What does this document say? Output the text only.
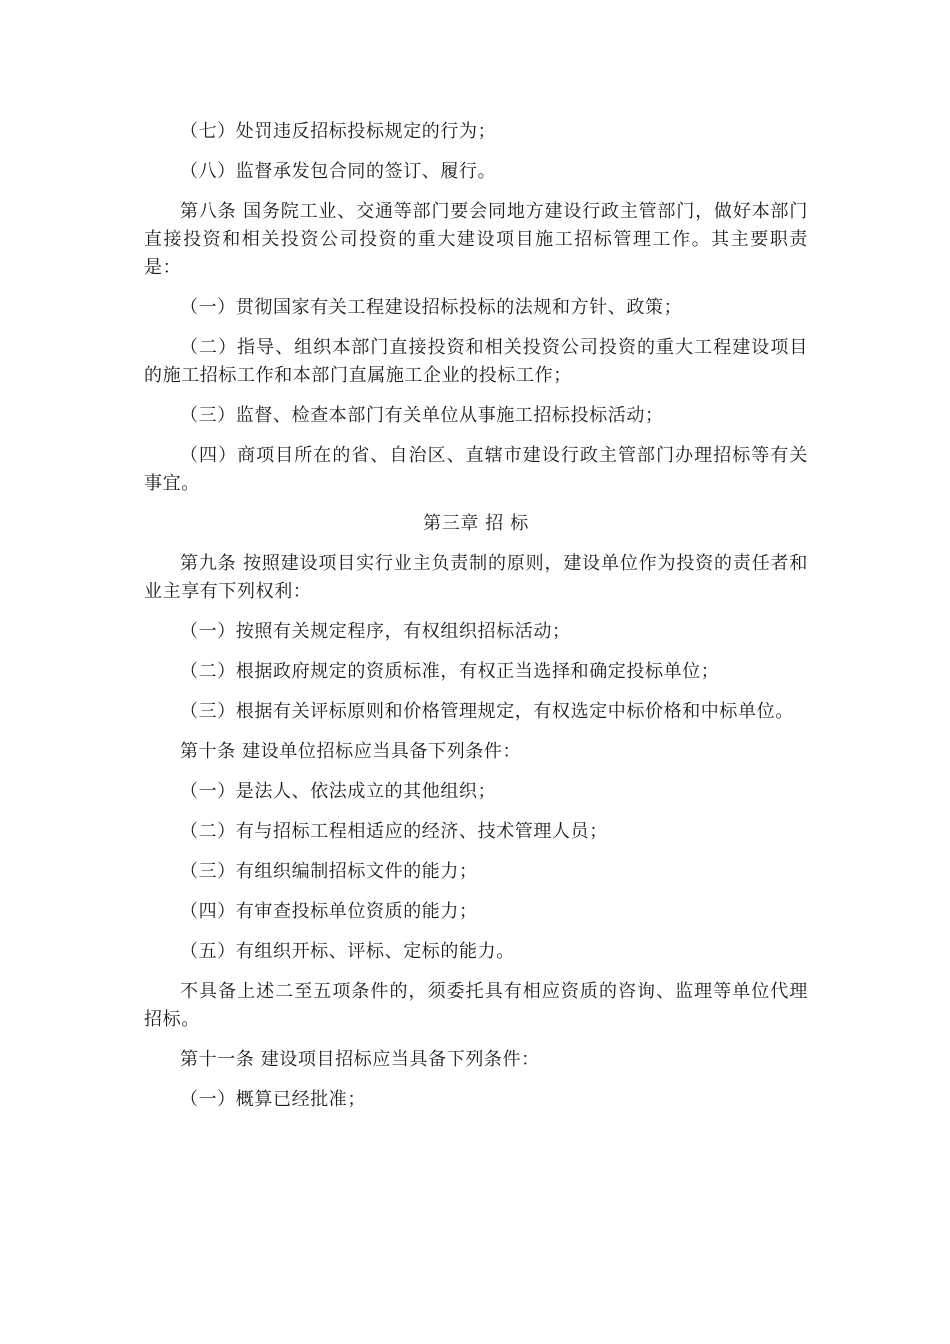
（七）处罚违反招标投标规定的行为；

（八）监督承发包合同的签订、履行。

第八条 国务院工业、交通等部门要会同地方建设行政主管部门，做好本部门直接投资和相关投资公司投资的重大建设项目施工招标管理工作。其主要职责是：

（一）贯彻国家有关工程建设招标投标的法规和方针、政策；

（二）指导、组织本部门直接投资和相关投资公司投资的重大工程建设项目的施工招标工作和本部门直属施工企业的投标工作；

（三）监督、检查本部门有关单位从事施工招标投标活动；

（四）商项目所在的省、自治区、直辖市建设行政主管部门办理招标等有关事宜。

第三章 招 标

第九条 按照建设项目实行业主负责制的原则，建设单位作为投资的责任者和业主享有下列权利：

（一）按照有关规定程序，有权组织招标活动；

（二）根据政府规定的资质标准，有权正当选择和确定投标单位；

（三）根据有关评标原则和价格管理规定，有权选定中标价格和中标单位。

第十条 建设单位招标应当具备下列条件：

（一）是法人、依法成立的其他组织；

（二）有与招标工程相适应的经济、技术管理人员；

（三）有组织编制招标文件的能力；

（四）有审查投标单位资质的能力；

（五）有组织开标、评标、定标的能力。

不具备上述二至五项条件的，须委托具有相应资质的咨询、监理等单位代理招标。

第十一条 建设项目招标应当具备下列条件：

（一）概算已经批准；
